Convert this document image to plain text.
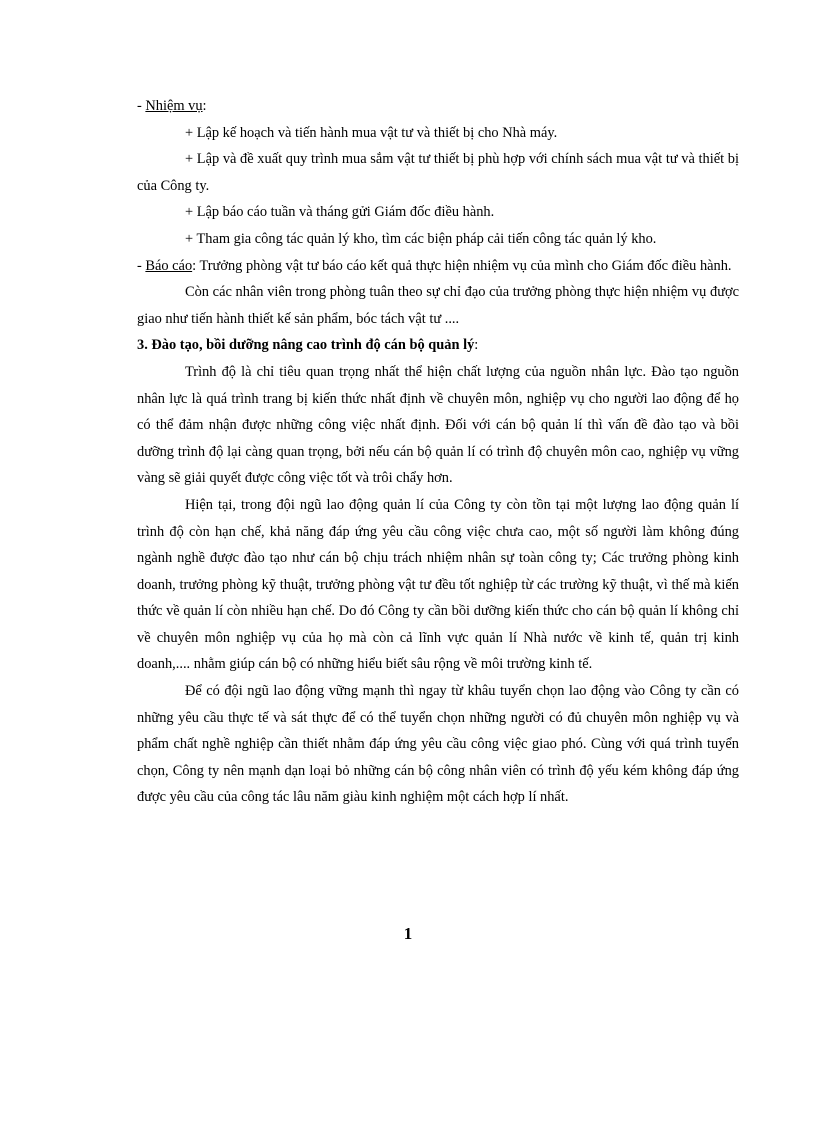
- Nhiệm vụ:

+ Lập kế hoạch và tiến hành mua vật tư và thiết bị cho Nhà máy.

+ Lập và đề xuất quy trình mua sắm vật tư thiết bị phù hợp với chính sách mua vật tư và thiết bị của Công ty.

+ Lập báo cáo tuần và tháng gửi Giám đốc điều hành.

+ Tham gia công tác quản lý kho, tìm các biện pháp cải tiến công tác quản lý kho.

- Báo cáo: Trưởng phòng vật tư báo cáo kết quả thực hiện nhiệm vụ của mình cho Giám đốc điều hành.

Còn các nhân viên trong phòng tuân theo sự chỉ đạo của trưởng phòng thực hiện nhiệm vụ được giao như tiến hành thiết kế sản phẩm, bóc tách vật tư ....

3. Đào tạo, bồi dưỡng nâng cao trình độ cán bộ quản lý:

Trình độ là chỉ tiêu quan trọng nhất thể hiện chất lượng của nguồn nhân lực. Đào tạo nguồn nhân lực là quá trình trang bị kiến thức nhất định về chuyên môn, nghiệp vụ cho người lao động để họ có thể đảm nhận được những công việc nhất định. Đối với cán bộ quản lí thì vấn đề đào tạo và bồi dưỡng trình độ lại càng quan trọng, bởi nếu cán bộ quản lí có trình độ chuyên môn cao, nghiệp vụ vững vàng sẽ giải quyết được công việc tốt và trôi chẩy hơn.

Hiện tại, trong đội ngũ lao động quản lí của Công ty còn tồn tại một lượng lao động quản lí trình độ còn hạn chế, khả năng đáp ứng yêu cầu công việc chưa cao, một số người làm không đúng ngành nghề được đào tạo như cán bộ chịu trách nhiệm nhân sự toàn công ty; Các trưởng phòng kinh doanh, trưởng phòng kỹ thuật, trưởng phòng vật tư đều tốt nghiệp từ các trường kỹ thuật, vì thế mà kiến thức về quản lí còn nhiều hạn chế. Do đó Công ty cần bồi dưỡng kiến thức cho cán bộ quản lí không chỉ về chuyên môn nghiệp vụ của họ mà còn cả lĩnh vực quản lí Nhà nước về kinh tế, quản trị kinh doanh,.... nhằm giúp cán bộ có những hiểu biết sâu rộng về môi trường kinh tế.

Để có đội ngũ lao động vững mạnh thì ngay từ khâu tuyển chọn lao động vào Công ty cần có những yêu cầu thực tế và sát thực để có thể tuyển chọn những người có đủ chuyên môn nghiệp vụ và phẩm chất nghề nghiệp cần thiết nhằm đáp ứng yêu cầu công việc giao phó. Cùng với quá trình tuyển chọn, Công ty nên mạnh dạn loại bỏ những cán bộ công nhân viên có trình độ yếu kém không đáp ứng được yêu cầu của công tác lâu năm giàu kinh nghiệm một cách hợp lí nhất.

1
